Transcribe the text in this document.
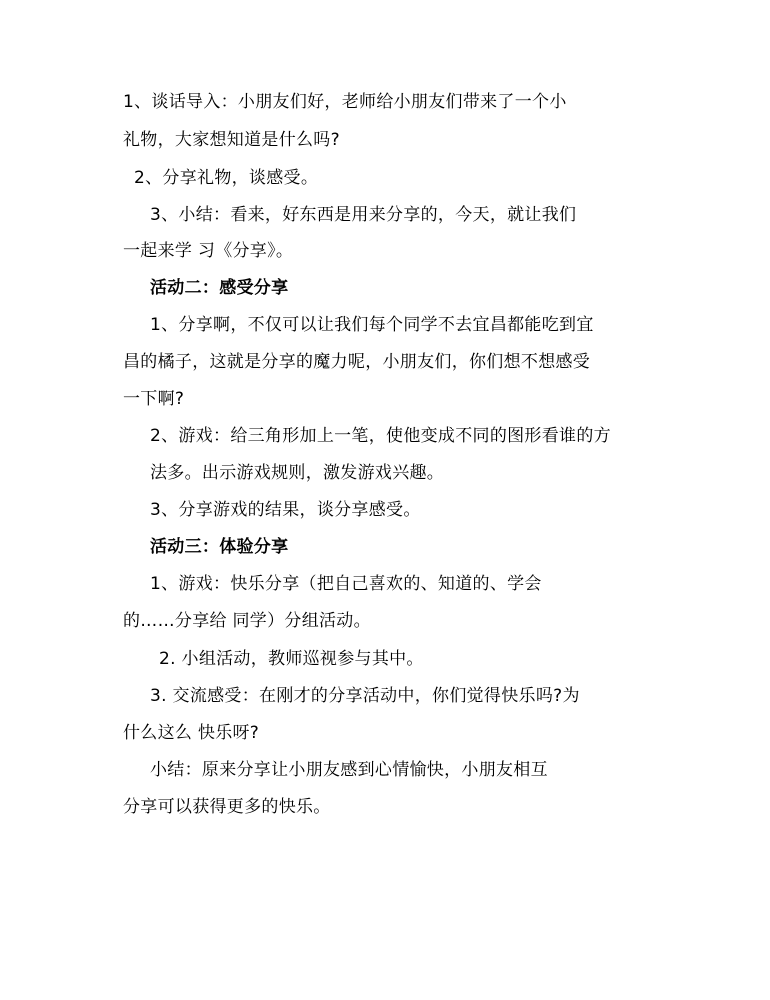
1、谈话导入：小朋友们好，老师给小朋友们带来了一个小
礼物，大家想知道是什么吗?
2、分享礼物，谈感受。
3、小结：看来，好东西是用来分享的，今天，就让我们
一起来学 习《分享》。
活动二：感受分享
1、分享啊，不仅可以让我们每个同学不去宜昌都能吃到宜
昌的橘子，这就是分享的魔力呢，小朋友们，你们想不想感受
一下啊?
2、游戏：给三角形加上一笔，使他变成不同的图形看谁的方
法多。出示游戏规则，激发游戏兴趣。
3、分享游戏的结果，谈分享感受。
活动三：体验分享
1、游戏：快乐分享（把自己喜欢的、知道的、学会
的……分享给 同学）分组活动。
2. 小组活动，教师巡视参与其中。
3. 交流感受：在刚才的分享活动中，你们觉得快乐吗?为
什么这么 快乐呀?
小结：原来分享让小朋友感到心情愉快，小朋友相互
分享可以获得更多的快乐。
